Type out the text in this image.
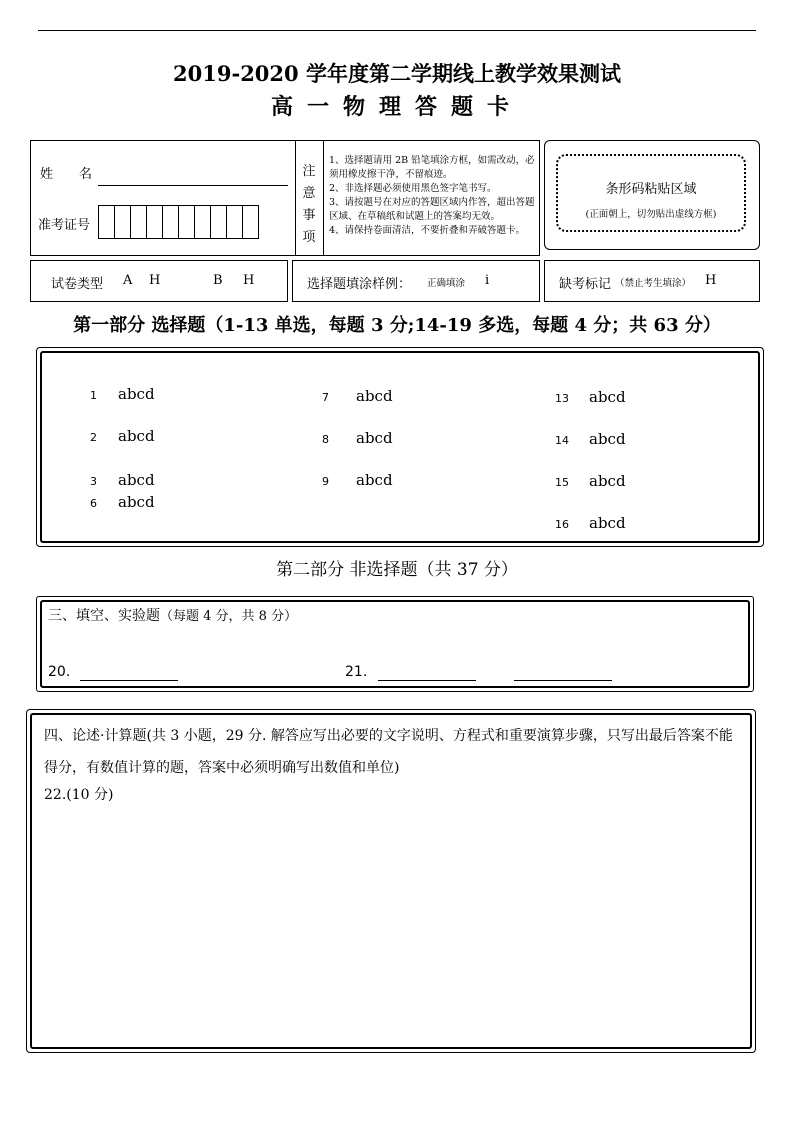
2019-2020 学年度第二学期线上教学效果测试
高一物理答题卡
姓　　名
准考证号
注
意
事
项
1、选择题请用 2B 铅笔填涂方框，如需改动，必须用橡皮擦干净，不留痕迹。
2、非选择题必须使用黑色签字笔书写。
3、请按题号在对应的答题区域内作答，超出答题区域、在草稿纸和试题上的答案均无效。
4、请保持卷面清洁，不要折叠和弄破答题卡。
条形码粘贴区域
(正面朝上，切勿贴出虚线方框)
试卷类型 A H	B H	选择题填涂样例： 正确填涂 i	缺考标记 （禁止考生填涂） H
第一部分 选择题（1-13 单选，每题 3 分;14-19 多选，每题 4 分；共 63 分）
1 abcd
2 abcd
3 abcd
6 abcd
7 abcd
8 abcd
9 abcd
13 abcd
14 abcd
15 abcd
16 abcd
第二部分 非选择题（共 37 分）
三、填空、实验题（每题 4 分，共 8 分）
20.	21.
四、论述·计算题(共 3 小题，29 分. 解答应写出必要的文字说明、方程式和重要演算步骤，只写出最后答案不能得分，有数值计算的题，答案中必须明确写出数值和单位)
22.(10 分)
